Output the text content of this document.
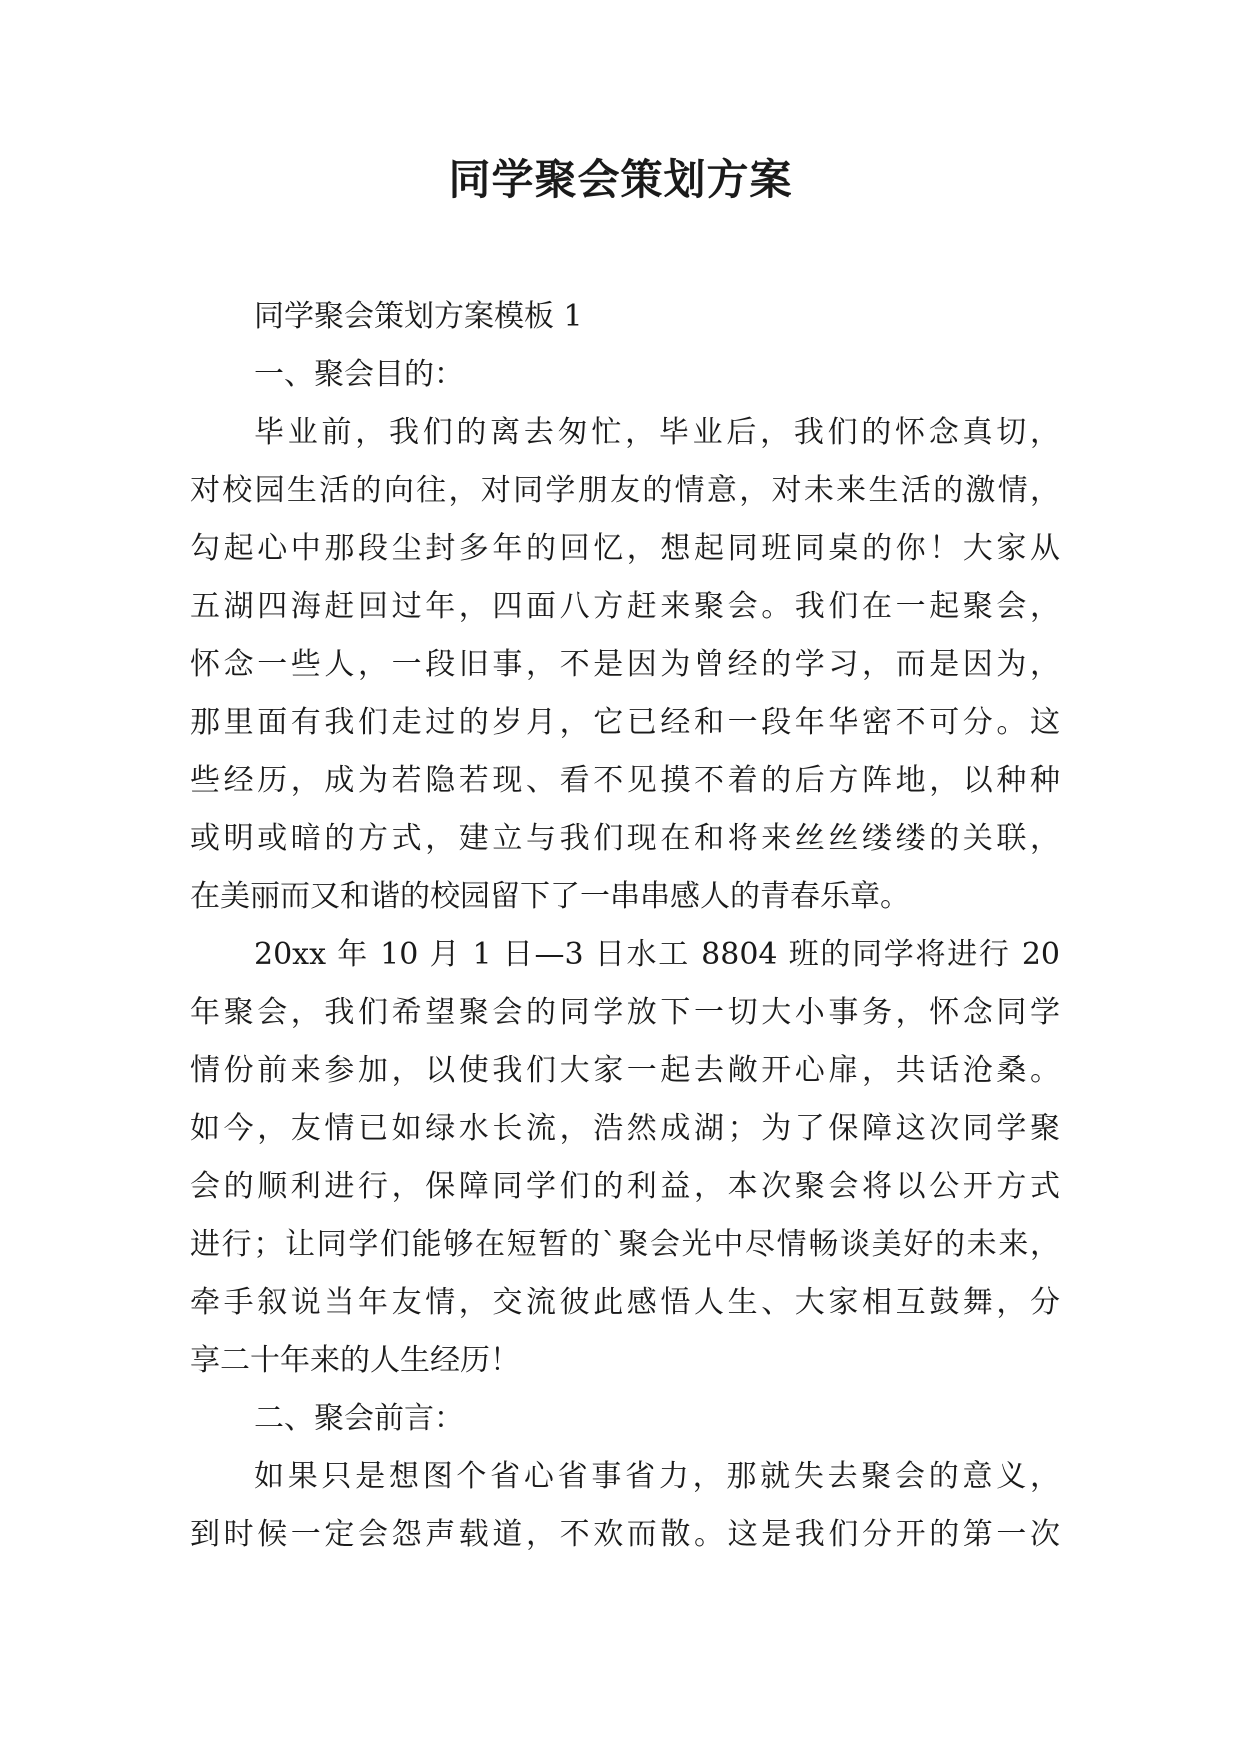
同学聚会策划方案
同学聚会策划方案模板 1
一、聚会目的：
毕业前，我们的离去匆忙，毕业后，我们的怀念真切，
对校园生活的向往，对同学朋友的情意，对未来生活的激情，
勾起心中那段尘封多年的回忆，想起同班同桌的你！大家从
五湖四海赶回过年，四面八方赶来聚会。我们在一起聚会，
怀念一些人，一段旧事，不是因为曾经的学习，而是因为，
那里面有我们走过的岁月，它已经和一段年华密不可分。这
些经历，成为若隐若现、看不见摸不着的后方阵地，以种种
或明或暗的方式，建立与我们现在和将来丝丝缕缕的关联，
在美丽而又和谐的校园留下了一串串感人的青春乐章。
20xx 年 10 月 1 日—3 日水工 8804 班的同学将进行 20
年聚会，我们希望聚会的同学放下一切大小事务，怀念同学
情份前来参加，以使我们大家一起去敞开心扉，共话沧桑。
如今，友情已如绿水长流，浩然成湖；为了保障这次同学聚
会的顺利进行，保障同学们的利益，本次聚会将以公开方式
进行；让同学们能够在短暂的`聚会光中尽情畅谈美好的未来，
牵手叙说当年友情，交流彼此感悟人生、大家相互鼓舞，分
享二十年来的人生经历！
二、聚会前言：
如果只是想图个省心省事省力，那就失去聚会的意义，
到时候一定会怨声载道，不欢而散。这是我们分开的第一次
